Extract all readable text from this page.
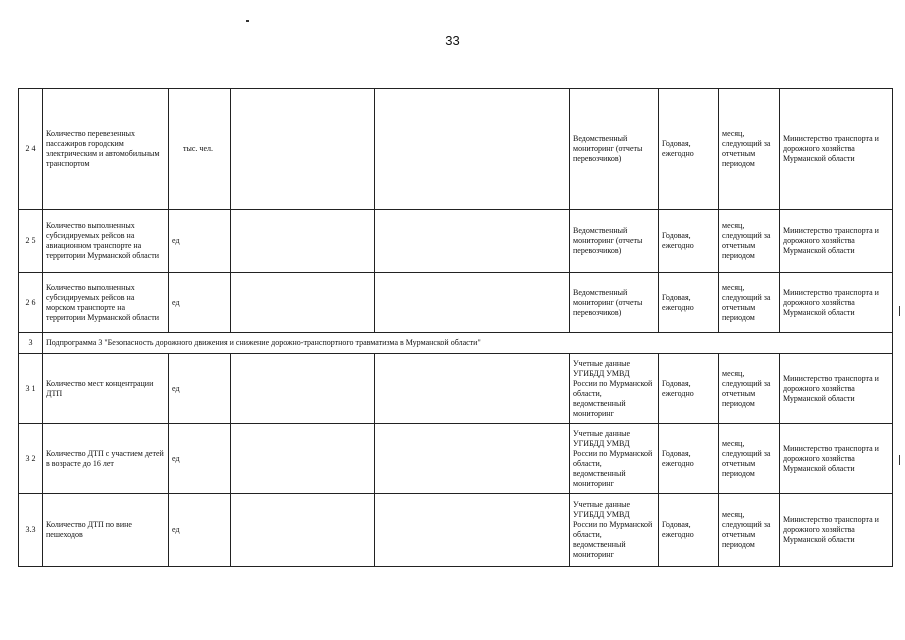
33
2 4	Количество перевезенных пассажиров городским электрическим и автомобильным транспортом	тыс. чел.			Ведомственный мониторинг (отчеты перевозчиков)	Годовая, ежегодно	месяц, следующий за отчетным периодом	Министерство транспорта и дорожного хозяйства Мурманской области
2 5	Количество выполненных субсидируемых рейсов на авиационном транспорте на территории Мурманской области	ед			Ведомственный мониторинг (отчеты перевозчиков)	Годовая, ежегодно	месяц, следующий за отчетным периодом	Министерство транспорта и дорожного хозяйства Мурманской области
2 6	Количество выполненных субсидируемых рейсов на морском транспорте на территории Мурманской области	ед			Ведомственный мониторинг (отчеты перевозчиков)	Годовая, ежегодно	месяц, следующий за отчетным периодом	Министерство транспорта и дорожного хозяйства Мурманской области
3	Подпрограмма 3 "Безопасность дорожного движения и снижение дорожно-транспортного травматизма в Мурманской области"							
3 1	Количество мест концентрации ДТП	ед			Учетные данные УГИБДД УМВД России по Мурманской области, ведомственный мониторинг	Годовая, ежегодно	месяц, следующий за отчетным периодом	Министерство транспорта и дорожного хозяйства Мурманской области
3 2	Количество ДТП с участием детей в возрасте до 16 лет	ед			Учетные данные УГИБДД УМВД России по Мурманской области, ведомственный мониторинг	Годовая, ежегодно	месяц, следующий за отчетным периодом	Министерство транспорта и дорожного хозяйства Мурманской области
3.3	Количество ДТП по вине пешеходов	ед			Учетные данные УГИБДД УМВД России по Мурманской области, ведомственный мониторинг	Годовая, ежегодно	месяц, следующий за отчетным периодом	Министерство транспорта и дорожного хозяйства Мурманской области
